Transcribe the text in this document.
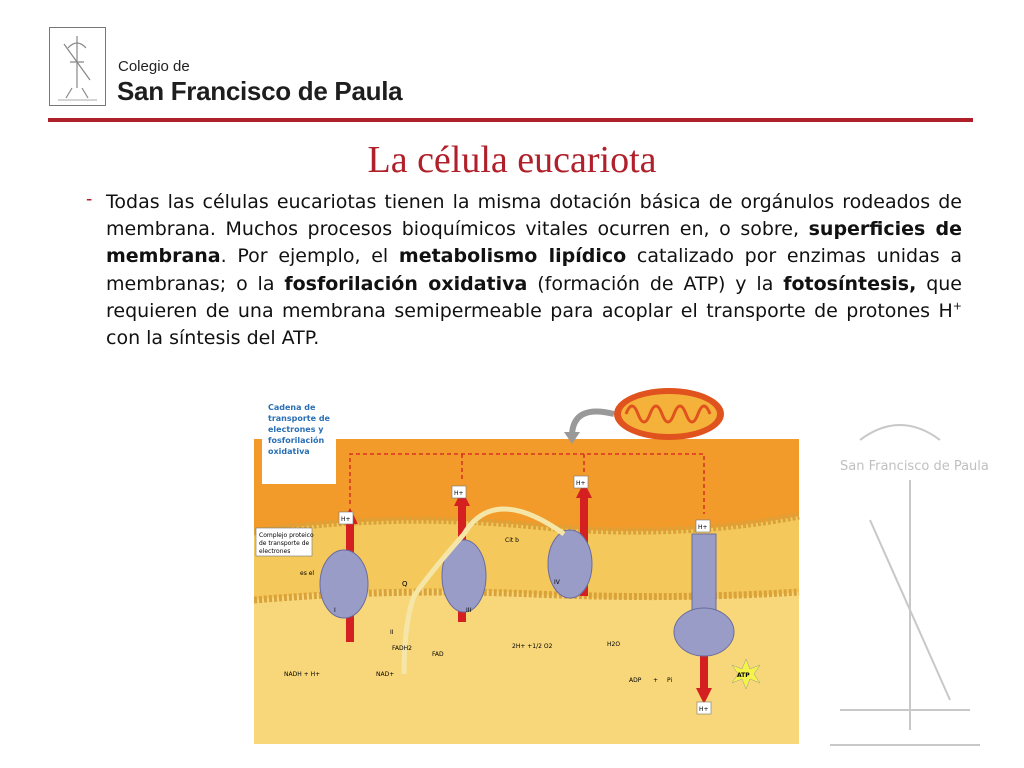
Colegio de
San Francisco de Paula
La célula eucariota
- Todas las células eucariotas tienen la misma dotación básica de orgánulos rodeados de membrana. Muchos procesos bioquímicos vitales ocurren en, o sobre, superficies de membrana. Por ejemplo, el metabolismo lipídico catalizado por enzimas unidas a membranas; o la fosforilación oxidativa (formación de ATP) y la fotosíntesis, que requieren de una membrana semipermeable para acoplar el transporte de protones H+ con la síntesis del ATP.
Cadena de
transporte de
electrones y
fosforilación
oxidativa
H+
H+
H+
H+
H+
Complejo proteico
de transporte de
electrones
es el
Q
Cit b
I
II
III
IV
FADH2
FAD
NADH + H+	NAD+
2H+ +1/2 O2	H2O
ADP + Pi
ATP
San Francisco de Paula
